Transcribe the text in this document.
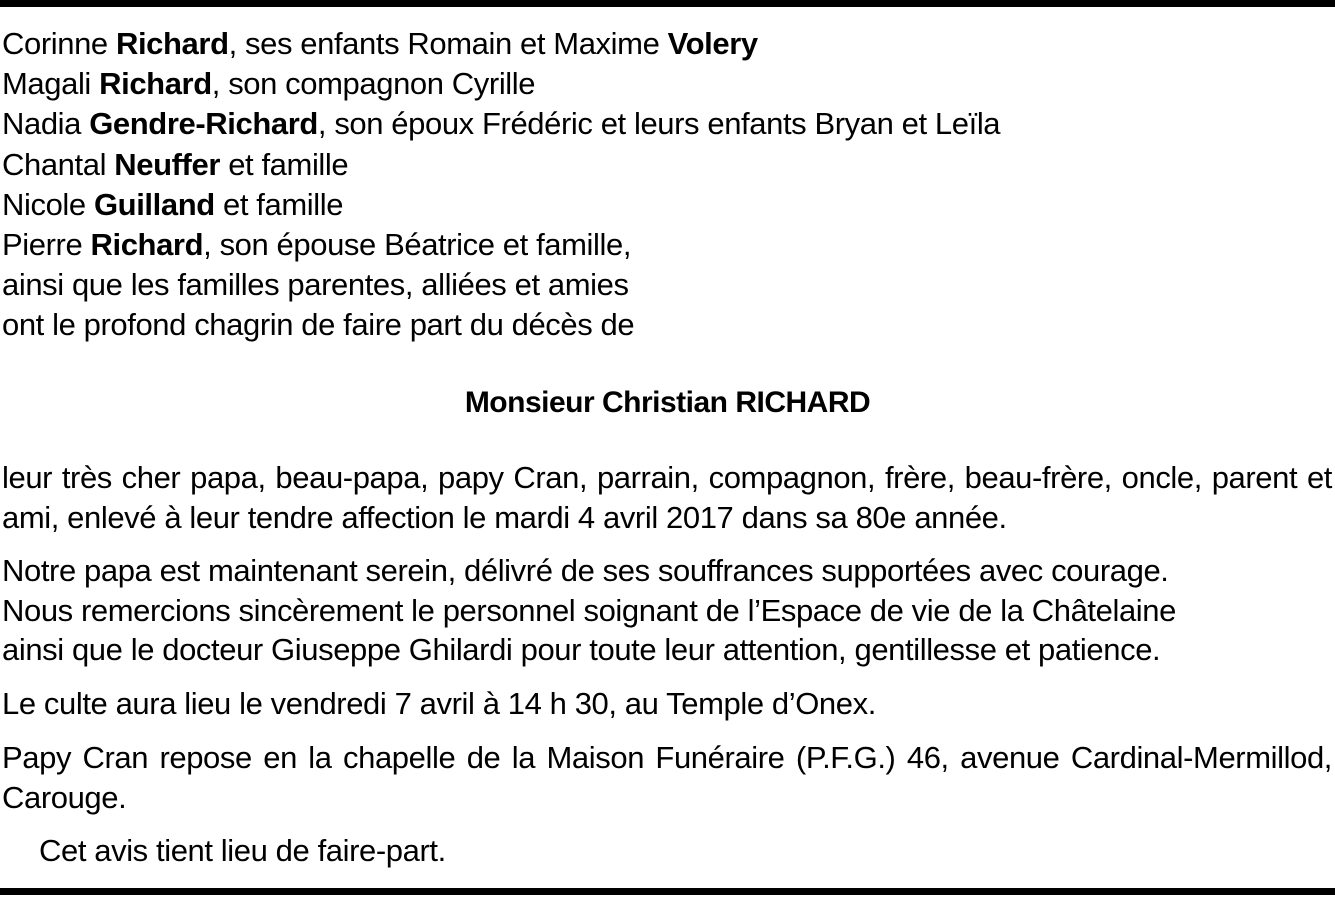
Corinne Richard, ses enfants Romain et Maxime Volery
Magali Richard, son compagnon Cyrille
Nadia Gendre-Richard, son époux Frédéric et leurs enfants Bryan et Leïla
Chantal Neuffer et famille
Nicole Guilland et famille
Pierre Richard, son épouse Béatrice et famille,
ainsi que les familles parentes, alliées et amies
ont le profond chagrin de faire part du décès de
Monsieur Christian RICHARD
leur très cher papa, beau-papa, papy Cran, parrain, compagnon, frère, beau-frère, oncle, parent et ami, enlevé à leur tendre affection le mardi 4 avril 2017 dans sa 80e année.
Notre papa est maintenant serein, délivré de ses souffrances supportées avec courage.
Nous remercions sincèrement le personnel soignant de l’Espace de vie de la Châtelaine
ainsi que le docteur Giuseppe Ghilardi pour toute leur attention, gentillesse et patience.
Le culte aura lieu le vendredi 7 avril à 14 h 30, au Temple d’Onex.
Papy Cran repose en la chapelle de la Maison Funéraire (P.F.G.) 46, avenue Cardinal-Mermillod, Carouge.
Cet avis tient lieu de faire-part.
